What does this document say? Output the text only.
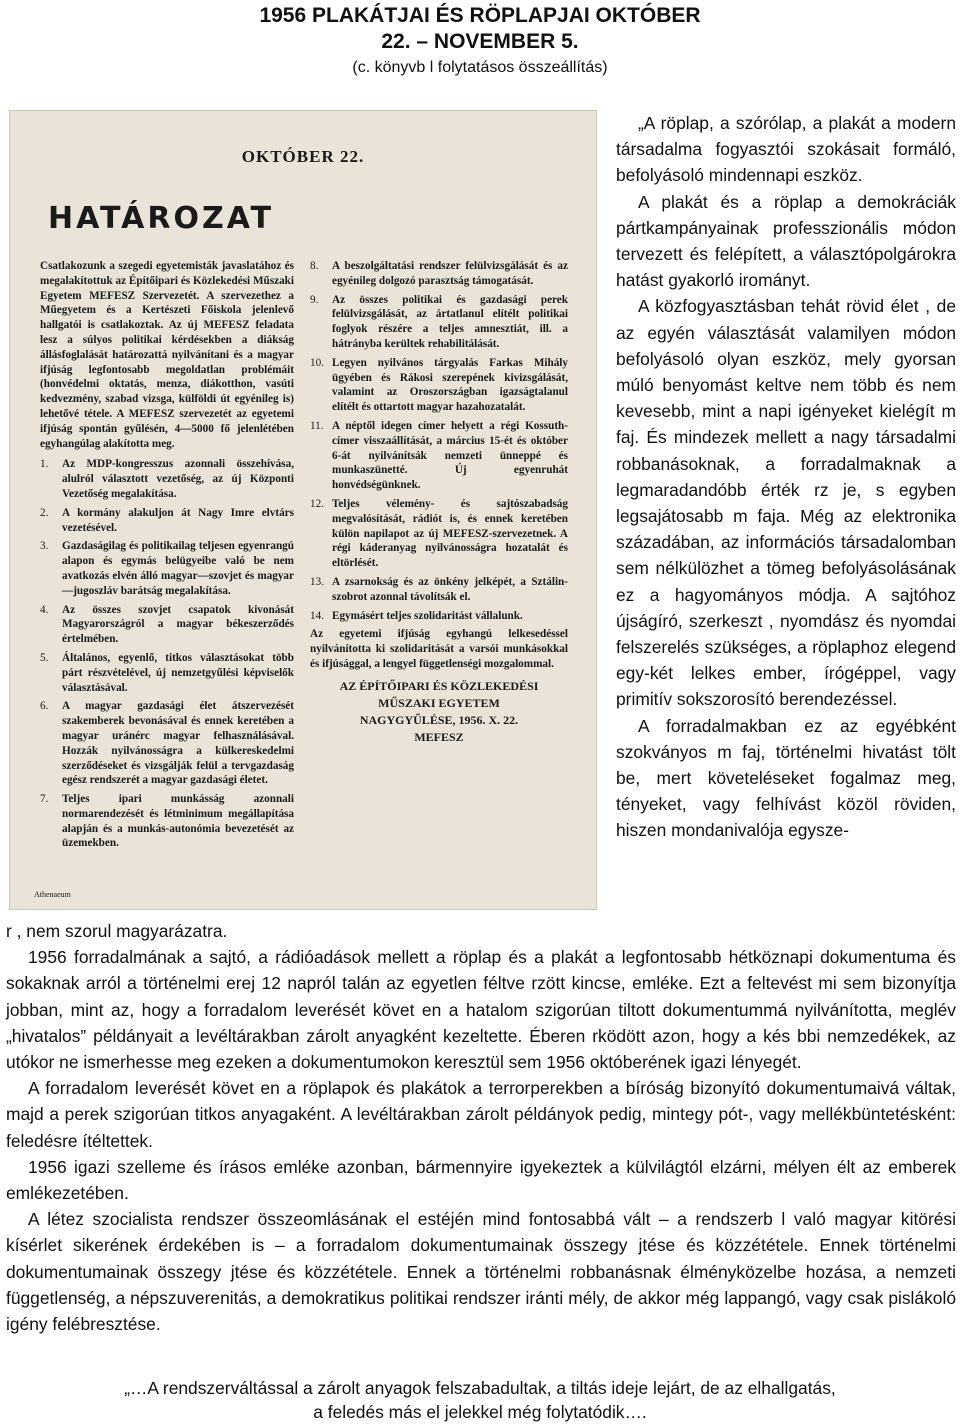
1956 PLAKÁTJAI ÉS RÖPLAPJAI OKTÓBER

22. – NOVEMBER 5.

(c. könyvb l folytatásos összeállítás)

OKTÓBER 22.
HATÁROZAT

Csatlakozunk a szegedi egyetemisták javaslatához és megalakítottuk az Építőipari és Közlekedési Műszaki Egyetem MEFESZ Szervezetét. A szervezethez a Műegyetem és a Kertészeti Főiskola jelenlevő hallgatói is csatlakoztak. Az új MEFESZ feladata lesz a súlyos politikai kérdésekben a diákság állásfoglalását határozattá nyilvánítani és a magyar ifjúság legfontosabb megoldatlan problémáit (honvédelmi oktatás, menza, diákotthon, vasúti kedvezmény, szabad vizsga, külföldi út egyénileg is) lehetővé tétele. A MEFESZ szervezetét az egyetemi ifjúság spontán gyűlésén, 4—5000 fő jelenlétében egyhangúlag alakította meg.

1.	Az MDP-kongresszus azonnali összehívása, alulról választott vezetőség, az új Központi Vezetőség megalakítása.
2.	A kormány alakuljon át Nagy Imre elvtárs vezetésével.
3.	Gazdaságilag és politikailag teljesen egyenrangú alapon és egymás belügyeibe való be nem avatkozás elvén álló magyar—szovjet és magyar—jugoszláv barátság megalakítása.
4.	Az összes szovjet csapatok kivonását Magyarországról a magyar békeszerződés értelmében.
5.	Általános, egyenlő, titkos választásokat több párt részvételével, új nemzetgyűlési képviselők választásával.
6.	A magyar gazdasági élet átszervezését szakemberek bevonásával és ennek keretében a magyar uránérc magyar felhasználásával. Hozzák nyilvánosságra a külkereskedelmi szerződéseket és vizsgálják felül a tervgazdaság egész rendszerét a magyar gazdasági életet.
7.	Teljes ipari munkásság azonnali normarendezését és létminimum megállapítása alapján és a munkás-autonómia bevezetését az üzemekben.
8.	A beszolgáltatási rendszer felülvizsgálását és az egyénileg dolgozó parasztság támogatását.
9.	Az összes politikai és gazdasági perek felülvizsgálását, az ártatlanul elítélt politikai foglyok részére a teljes amnesztiát, ill. a hátrányba kerültek rehabilitálását.
10. Legyen nyilvános tárgyalás Farkas Mihály ügyében és Rákosi szerepének kivizsgálását, valamint az Oroszországban igazságtalanul elítélt és ottartott magyar hazahozatalát.
11. A néptől idegen címer helyett a régi Kossuth-címer visszaállítását, a március 15-ét és október 6-át nyilvánítsák nemzeti ünneppé és munkaszünetté. Új egyenruhát honvédségünknek.
12. Teljes vélemény- és sajtószabadság megvalósítását, rádiót is, és ennek keretében külön napilapot az új MEFESZ-szervezetnek. A régi káderanyag nyilvánosságra hozatalát és eltörlését.
13. A zsarnokság és az önkény jelképét, a Sztálin-szobrot azonnal távolítsák el.
14. Egymásért teljes szolidaritást vállalunk.

Az egyetemi ifjúság egyhangú lelkesedéssel nyilvánította ki szolidaritását a varsói munkásokkal és ifjúsággal, a lengyel függetlenségi mozgalommal.

AZ ÉPÍTŐIPARI ÉS KÖZLEKEDÉSI
MŰSZAKI EGYETEM
NAGYGYŰLÉSE, 1956. X. 22.
MEFESZ
Athenaeum

„A röplap, a szórólap, a plakát a modern társadalma fogyasztói szokásait formáló, befolyásoló mindennapi eszköz.

A plakát és a röplap a demokráciák pártkampányainak professzionális módon tervezett és felépített, a választópolgárokra hatást gyakorló irományt.

A közfogyasztásban tehát rövid élet , de az egyén választását valamilyen módon befolyásoló olyan eszköz, mely gyorsan múló benyomást keltve nem több és nem kevesebb, mint a napi igényeket kielégít m faj. És mindezek mellett a nagy társadalmi robbanásoknak, a forradalmaknak a legmaradandóbb érték rz je, s egyben legsajátosabb m faja. Még az elektronika századában, az információs társadalomban sem nélkülözhet a tömeg befolyásolásának ez a hagyományos módja. A sajtóhoz újságíró, szerkeszt , nyomdász és nyomdai felszerelés szükséges, a röplaphoz elegend egy-két lelkes ember, írógéppel, vagy primitív sokszorosító berendezéssel.

A forradalmakban ez az egyébként szokványos m faj, történelmi hivatást tölt be, mert követeléseket fogalmaz meg, tényeket, vagy felhívást közöl röviden, hiszen mondanivalója egysze-

r , nem szorul magyarázatra.

1956 forradalmának a sajtó, a rádióadások mellett a röplap és a plakát a legfontosabb hétköznapi dokumentuma és sokaknak arról a történelmi erej 12 napról talán az egyetlen féltve rzött kincse, emléke. Ezt a feltevést mi sem bizonyítja jobban, mint az, hogy a forradalom leverését követ en a hatalom szigorúan tiltott dokumentummá nyilvánította, meglév „hivatalos” példányait a levéltárakban zárolt anyagként kezeltette. Éberen rködött azon, hogy a kés bbi nemzedékek, az utókor ne ismerhesse meg ezeken a dokumentumokon keresztül sem 1956 októberének igazi lényegét.

A forradalom leverését követ en a röplapok és plakátok a terrorperekben a bíróság bizonyító dokumentumaivá váltak, majd a perek szigorúan titkos anyagaként. A levéltárakban zárolt példányok pedig, mintegy pót-, vagy mellékbüntetésként: feledésre ítéltettek.

1956 igazi szelleme és írásos emléke azonban, bármennyire igyekeztek a külvilágtól elzárni, mélyen élt az emberek emlékezetében.

A létez szocialista rendszer összeomlásának el estéjén mind fontosabbá vált – a rendszerb l való magyar kitörési kísérlet sikerének érdekében is – a forradalom dokumentumainak összegy jtése és közzététele. Ennek történelmi dokumentumainak összegy jtése és közzététele. Ennek a történelmi robbanásnak élményközelbe hozása, a nemzeti függetlenség, a népszuverenitás, a demokratikus politikai rendszer iránti mély, de akkor még lappangó, vagy csak pislákoló igény felébresztése.

„…A rendszerváltással a zárolt anyagok felszabadultak, a tiltás ideje lejárt, de az elhallgatás,
a feledés más el jelekkel még folytatódik….
